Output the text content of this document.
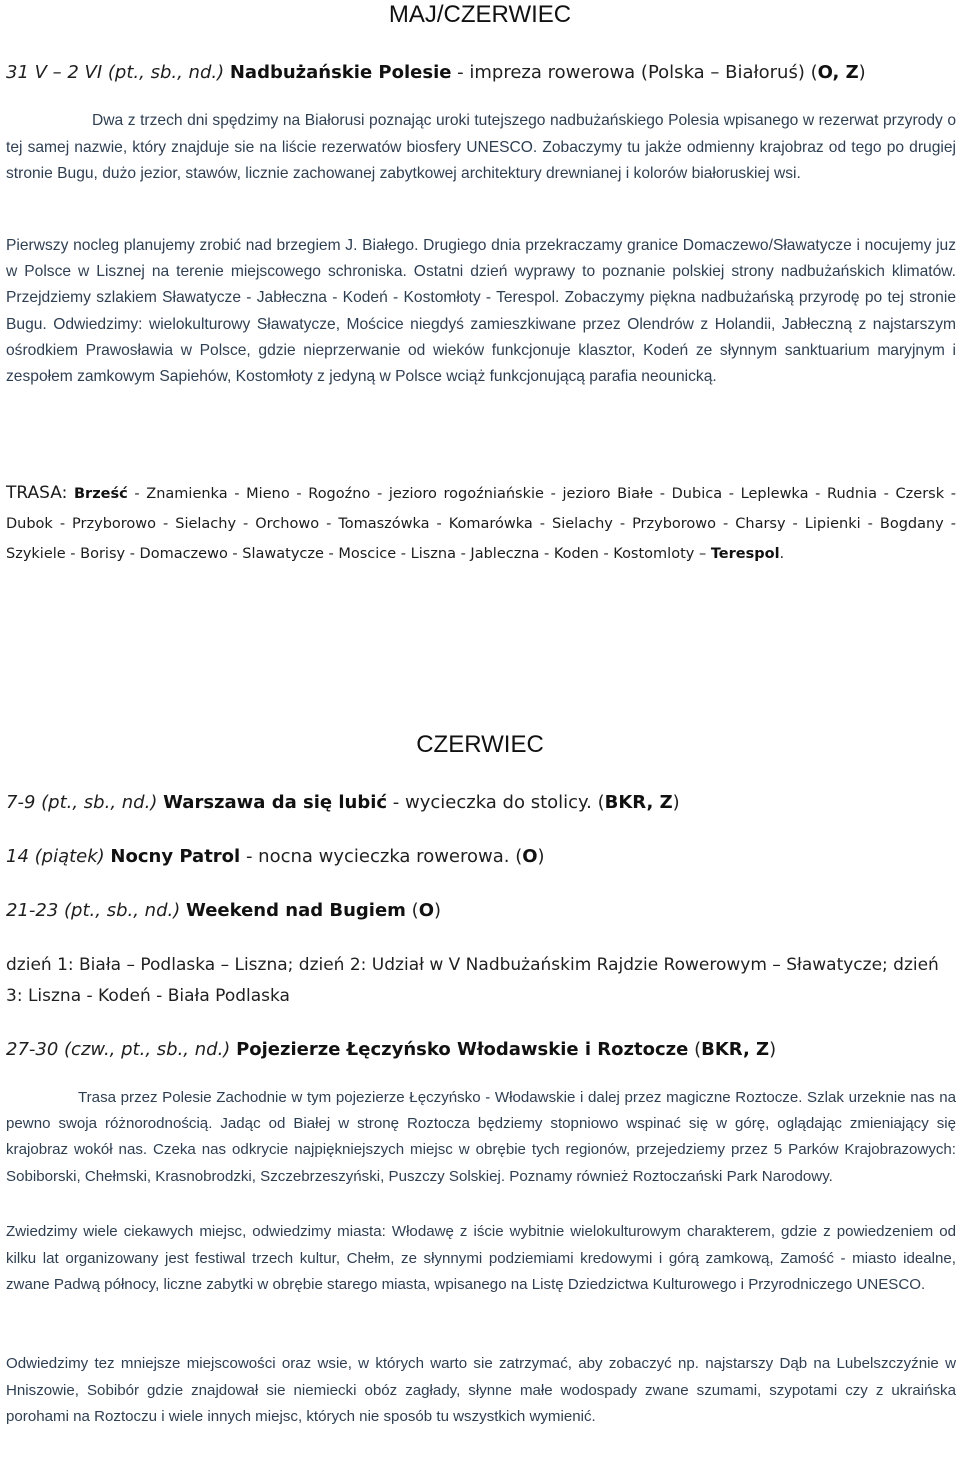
MAJ/CZERWIEC
31 V – 2 VI (pt., sb., nd.) Nadbużańskie Polesie - impreza rowerowa (Polska – Białoruś) (O, Z)
Dwa z trzech dni spędzimy na Białorusi poznając uroki tutejszego nadbużańskiego Polesia wpisanego w rezerwat przyrody o tej samej nazwie, który znajduje sie na liście rezerwatów biosfery UNESCO. Zobaczymy tu jakże odmienny krajobraz od tego po drugiej stronie Bugu, dużo jezior, stawów, licznie zachowanej zabytkowej architektury drewnianej i kolorów białoruskiej wsi.
Pierwszy nocleg planujemy zrobić nad brzegiem J. Białego. Drugiego dnia przekraczamy granice Domaczewo/Sławatycze i nocujemy juz w Polsce w Lisznej na terenie miejscowego schroniska. Ostatni dzień wyprawy to poznanie polskiej strony nadbużańskich klimatów. Przejdziemy szlakiem Sławatycze - Jabłeczna - Kodeń - Kostomłoty - Terespol. Zobaczymy piękna nadbużańską przyrodę po tej stronie Bugu. Odwiedzimy: wielokulturowy Sławatycze, Mościce niegdyś zamieszkiwane przez Olendrów z Holandii, Jabłeczną z najstarszym ośrodkiem Prawosławia w Polsce, gdzie nieprzerwanie od wieków funkcjonuje klasztor, Kodeń ze słynnym sanktuarium maryjnym i zespołem zamkowym Sapiehów, Kostomłoty z jedyną w Polsce wciąż funkcjonującą parafia neounicką.
TRASA: Brześć - Znamienka - Mieno - Rogoźno - jezioro rogoźniańskie - jezioro Białe - Dubica - Leplewka - Rudnia - Czersk - Dubok - Przyborowo - Sielachy - Orchowo - Tomaszówka - Komarówka - Sielachy - Przyborowo - Charsy - Lipienki - Bogdany - Szykiele - Borisy - Domaczewo - Slawatycze - Moscice - Liszna - Jableczna - Koden - Kostomloty – Terespol.
CZERWIEC
7-9 (pt., sb., nd.) Warszawa da się lubić - wycieczka do stolicy. (BKR, Z)
14 (piątek) Nocny Patrol - nocna wycieczka rowerowa. (O)
21-23 (pt., sb., nd.) Weekend nad Bugiem (O)
dzień 1: Biała – Podlaska – Liszna; dzień 2: Udział w V Nadbużańskim Rajdzie Rowerowym – Sławatycze; dzień 3: Liszna - Kodeń - Biała Podlaska
27-30 (czw., pt., sb., nd.) Pojezierze Łęczyńsko Włodawskie i Roztocze (BKR, Z)
Trasa przez Polesie Zachodnie w tym pojezierze Łęczyńsko - Włodawskie i dalej przez magiczne Roztocze. Szlak urzeknie nas na pewno swoja różnorodnością. Jadąc od Białej w stronę Roztocza będziemy stopniowo wspinać się w górę, oglądając zmieniający się krajobraz wokół nas. Czeka nas odkrycie najpiękniejszych miejsc w obrębie tych regionów, przejedziemy przez 5 Parków Krajobrazowych: Sobiborski, Chełmski, Krasnobrodzki, Szczebrzeszyński, Puszczy Solskiej. Poznamy również Roztoczański Park Narodowy.
Zwiedzimy wiele ciekawych miejsc, odwiedzimy miasta: Włodawę z iście wybitnie wielokulturowym charakterem, gdzie z powiedzeniem od kilku lat organizowany jest festiwal trzech kultur, Chełm, ze słynnymi podziemiami kredowymi i górą zamkową, Zamość - miasto idealne, zwane Padwą północy, liczne zabytki w obrębie starego miasta, wpisanego na Listę Dziedzictwa Kulturowego i Przyrodniczego UNESCO.
Odwiedzimy tez mniejsze miejscowości oraz wsie, w których warto sie zatrzymać, aby zobaczyć np. najstarszy Dąb na Lubelszczyźnie w Hniszowie, Sobibór gdzie znajdował sie niemiecki obóz zagłady, słynne małe wodospady zwane szumami, szypotami czy z ukraińska porohami na Roztoczu i wiele innych miejsc, których nie sposób tu wszystkich wymienić.
